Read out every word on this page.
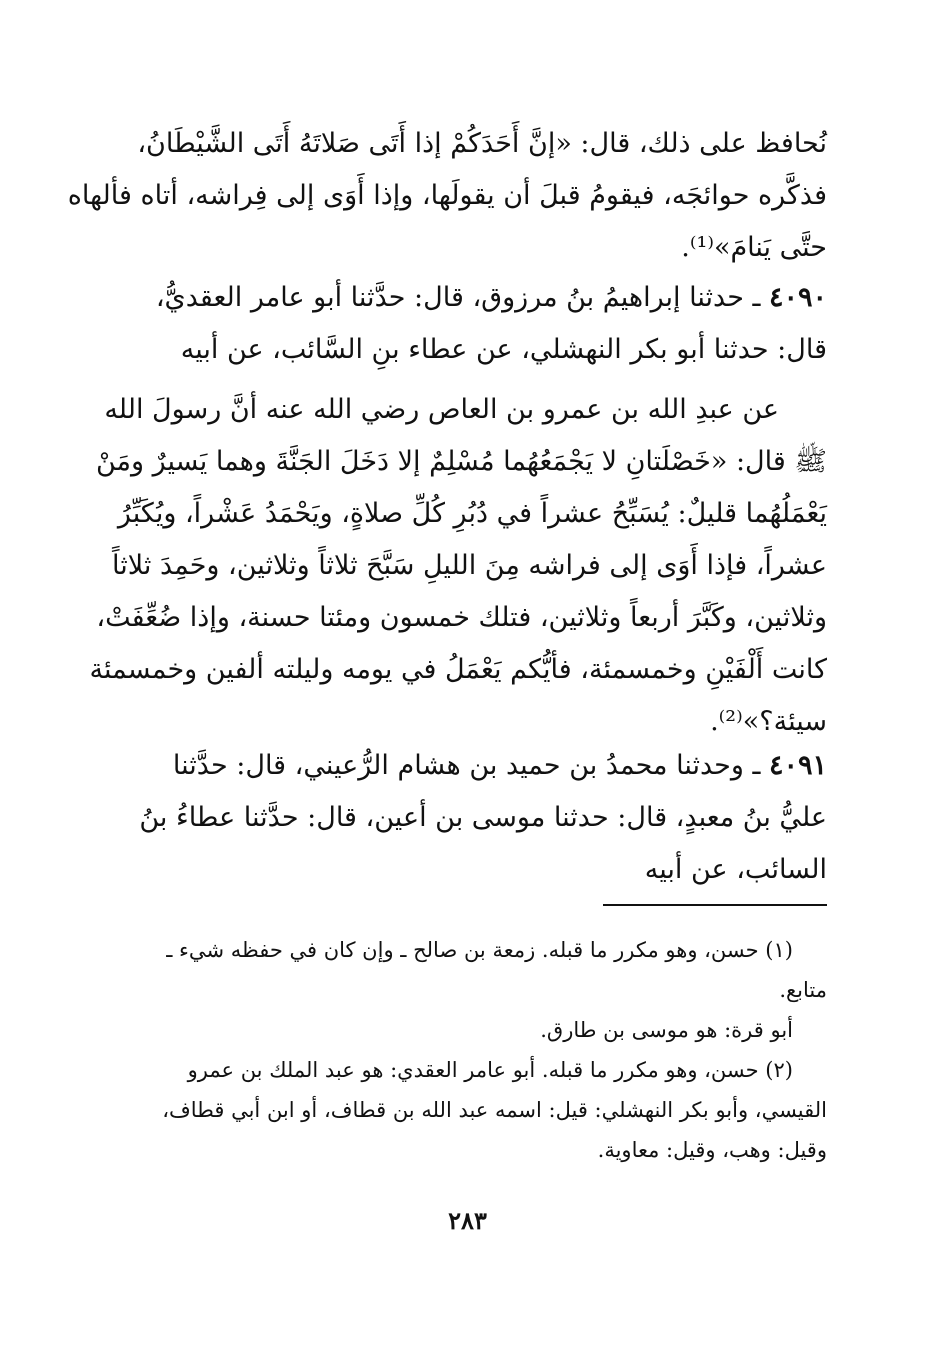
نُحافظ على ذلك، قال: «إنَّ أَحَدَكُمْ إذا أَتَى صَلاتَهُ أَتَى الشَّيْطَانُ،
فذكَّره حوائجَه، فيقومُ قبلَ أن يقولَها، وإذا أَوَى إلى فِراشه، أتاه فألهاه
حتَّى يَنامَ»⁽¹⁾.
٤٠٩٠ ـ حدثنا إبراهيمُ بنُ مرزوق، قال: حدَّثنا أبو عامر العقديُّ،
قال: حدثنا أبو بكر النهشلي، عن عطاء بنِ السَّائب، عن أبيه
عن عبدِ الله بن عمرو بن العاص رضي الله عنه أنَّ رسولَ الله
ﷺ قال: «خَصْلَتانِ لا يَجْمَعُهُما مُسْلِمٌ إلا دَخَلَ الجَنَّةَ وهما يَسيرٌ ومَنْ
يَعْمَلُهُما قليلٌ: يُسَبِّحُ عشراً في دُبُرِ كُلِّ صلاةٍ، ويَحْمَدُ عَشْراً، ويُكَبِّرُ
عشراً، فإذا أَوَى إلى فراشه مِنَ الليلِ سَبَّحَ ثلاثاً وثلاثين، وحَمِدَ ثلاثاً
وثلاثين، وكَبَّرَ أربعاً وثلاثين، فتلك خمسون ومئتا حسنة، وإذا ضُعِّفَتْ،
كانت أَلْفَيْنِ وخمسمئة، فأيُّكم يَعْمَلُ في يومه وليلته ألفين وخمسمئة
سيئة؟»⁽²⁾.
٤٠٩١ ـ وحدثنا محمدُ بن حميد بن هشام الرُّعيني، قال: حدَّثنا
عليُّ بنُ معبدٍ، قال: حدثنا موسى بن أعين، قال: حدَّثنا عطاءُ بنُ
السائب، عن أبيه
(١) حسن، وهو مكرر ما قبله. زمعة بن صالح ـ وإن كان في حفظه شيء ـ
متابع.
أبو قرة: هو موسى بن طارق.
(٢) حسن، وهو مكرر ما قبله. أبو عامر العقدي: هو عبد الملك بن عمرو
القيسي، وأبو بكر النهشلي: قيل: اسمه عبد الله بن قطاف، أو ابن أبي قطاف،
وقيل: وهب، وقيل: معاوية.
٢٨٣
